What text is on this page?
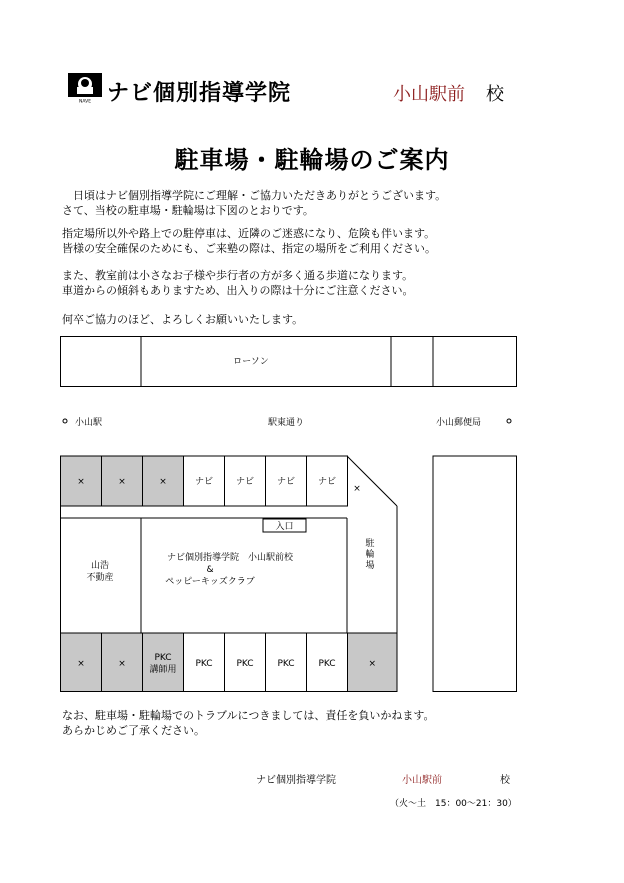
NAVE ナビ個別指導学院	小山駅前 校
駐車場・駐輪場のご案内
　日頃はナビ個別指導学院にご理解・ご協力いただきありがとうございます。
さて、当校の駐車場・駐輪場は下図のとおりです。
指定場所以外や路上での駐停車は、近隣のご迷惑になり、危険も伴います。
皆様の安全確保のためにも、ご来塾の際は、指定の場所をご利用ください。
また、教室前は小さなお子様や歩行者の方が多く通る歩道になります。
車道からの傾斜もありますため、出入りの際は十分にご注意ください。
何卒ご協力のほど、よろしくお願いいたします。
×	×	×	ナビ	ナビ	ナビ	ナビ
×
×	×
PKC
講師用
PKC	PKC	PKC	PKC	×
ローソン
小山駅	駅東通り	小山郵便局
入口
駐
輪
場
山浩
不動産
ナビ個別指導学院　小山駅前校
&
ペッピーキッズクラブ
なお、駐車場・駐輪場でのトラブルにつきましては、責任を負いかねます。
あらかじめご了承ください。
ナビ個別指導学院	小山駅前	校
（火～土　15：00～21：30）
